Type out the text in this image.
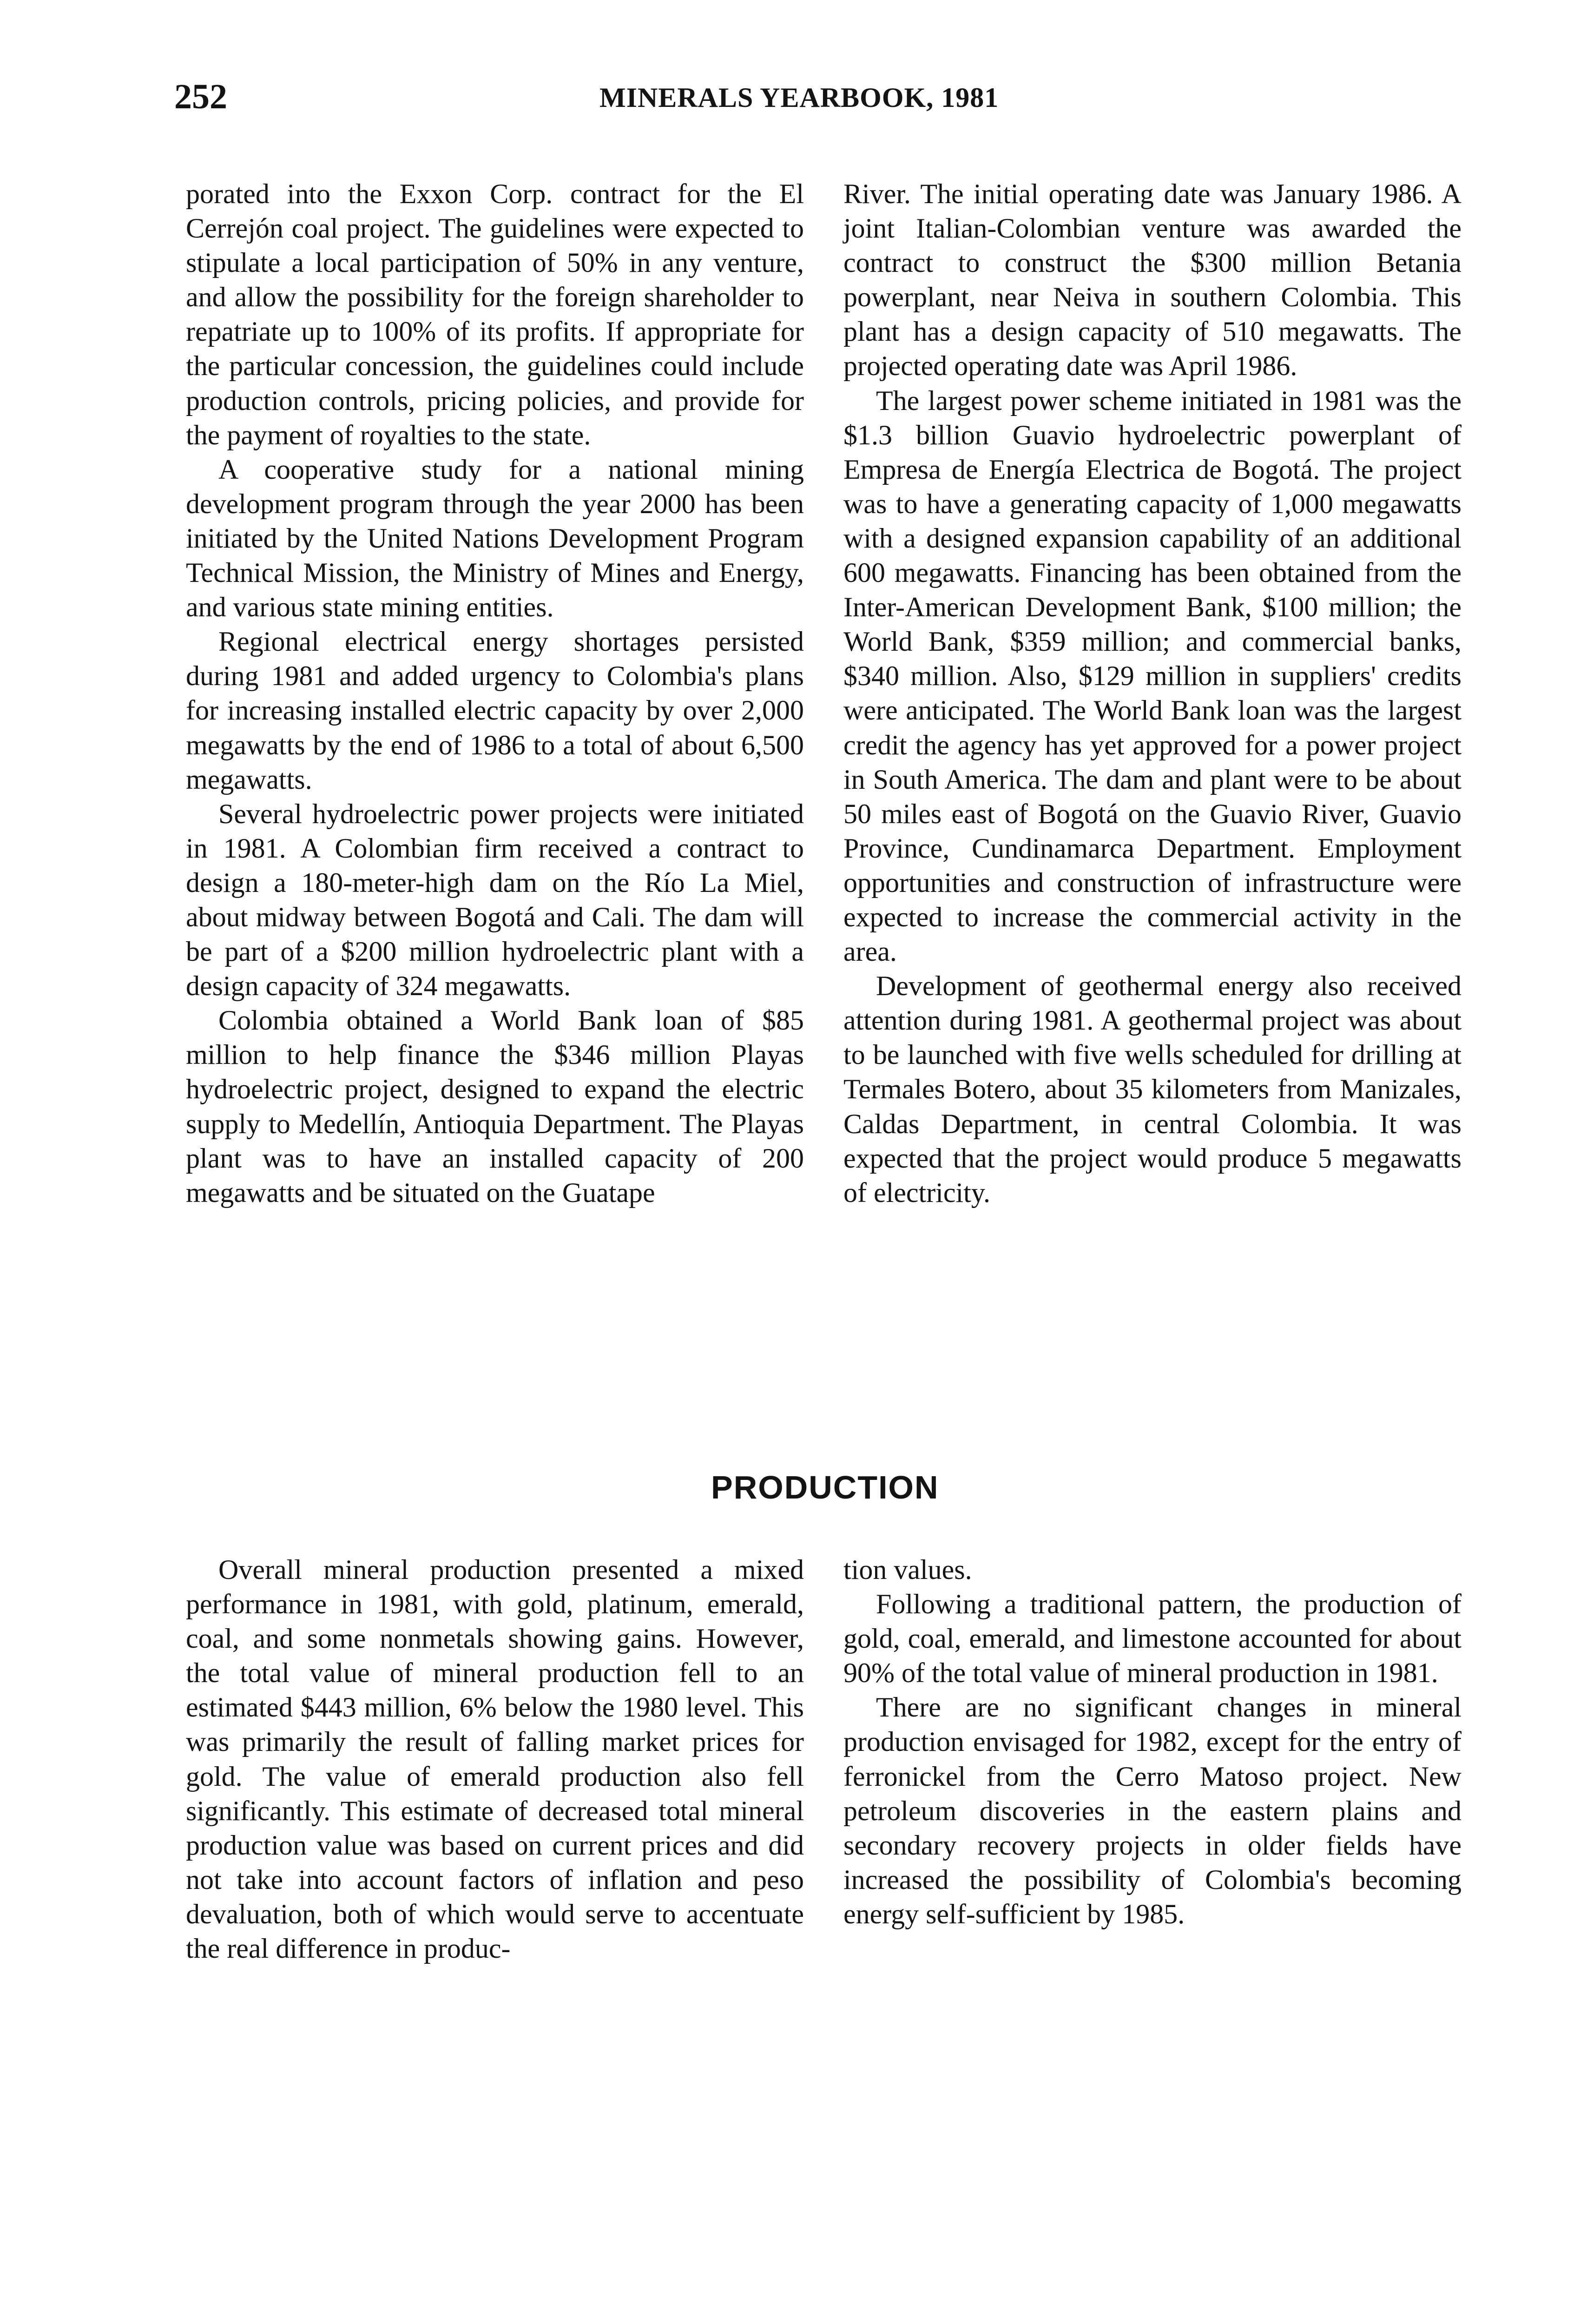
252	MINERALS YEARBOOK, 1981

porated into the Exxon Corp. contract for the El Cerrejón coal project. The guidelines were expected to stipulate a local participation of 50% in any venture, and allow the possibility for the foreign shareholder to repatriate up to 100% of its profits. If appropriate for the particular concession, the guidelines could include production controls, pricing policies, and provide for the payment of royalties to the state.

A cooperative study for a national mining development program through the year 2000 has been initiated by the United Nations Development Program Technical Mission, the Ministry of Mines and Energy, and various state mining entities.

Regional electrical energy shortages persisted during 1981 and added urgency to Colombia's plans for increasing installed electric capacity by over 2,000 megawatts by the end of 1986 to a total of about 6,500 megawatts.

Several hydroelectric power projects were initiated in 1981. A Colombian firm received a contract to design a 180-meter-high dam on the Río La Miel, about midway between Bogotá and Cali. The dam will be part of a $200 million hydroelectric plant with a design capacity of 324 megawatts.

Colombia obtained a World Bank loan of $85 million to help finance the $346 million Playas hydroelectric project, designed to expand the electric supply to Medellín, Antioquia Department. The Playas plant was to have an installed capacity of 200 megawatts and be situated on the Guatape

River. The initial operating date was January 1986. A joint Italian-Colombian venture was awarded the contract to construct the $300 million Betania powerplant, near Neiva in southern Colombia. This plant has a design capacity of 510 megawatts. The projected operating date was April 1986.

The largest power scheme initiated in 1981 was the $1.3 billion Guavio hydroelectric powerplant of Empresa de Energía Electrica de Bogotá. The project was to have a generating capacity of 1,000 megawatts with a designed expansion capability of an additional 600 megawatts. Financing has been obtained from the Inter-American Development Bank, $100 million; the World Bank, $359 million; and commercial banks, $340 million. Also, $129 million in suppliers' credits were anticipated. The World Bank loan was the largest credit the agency has yet approved for a power project in South America. The dam and plant were to be about 50 miles east of Bogotá on the Guavio River, Guavio Province, Cundinamarca Department. Employment opportunities and construction of infrastructure were expected to increase the commercial activity in the area.

Development of geothermal energy also received attention during 1981. A geothermal project was about to be launched with five wells scheduled for drilling at Termales Botero, about 35 kilometers from Manizales, Caldas Department, in central Colombia. It was expected that the project would produce 5 megawatts of electricity.

PRODUCTION

Overall mineral production presented a mixed performance in 1981, with gold, platinum, emerald, coal, and some nonmetals showing gains. However, the total value of mineral production fell to an estimated $443 million, 6% below the 1980 level. This was primarily the result of falling market prices for gold. The value of emerald production also fell significantly. This estimate of decreased total mineral production value was based on current prices and did not take into account factors of inflation and peso devaluation, both of which would serve to accentuate the real difference in produc-

tion values.

Following a traditional pattern, the production of gold, coal, emerald, and limestone accounted for about 90% of the total value of mineral production in 1981.

There are no significant changes in mineral production envisaged for 1982, except for the entry of ferronickel from the Cerro Matoso project. New petroleum discoveries in the eastern plains and secondary recovery projects in older fields have increased the possibility of Colombia's becoming energy self-sufficient by 1985.
